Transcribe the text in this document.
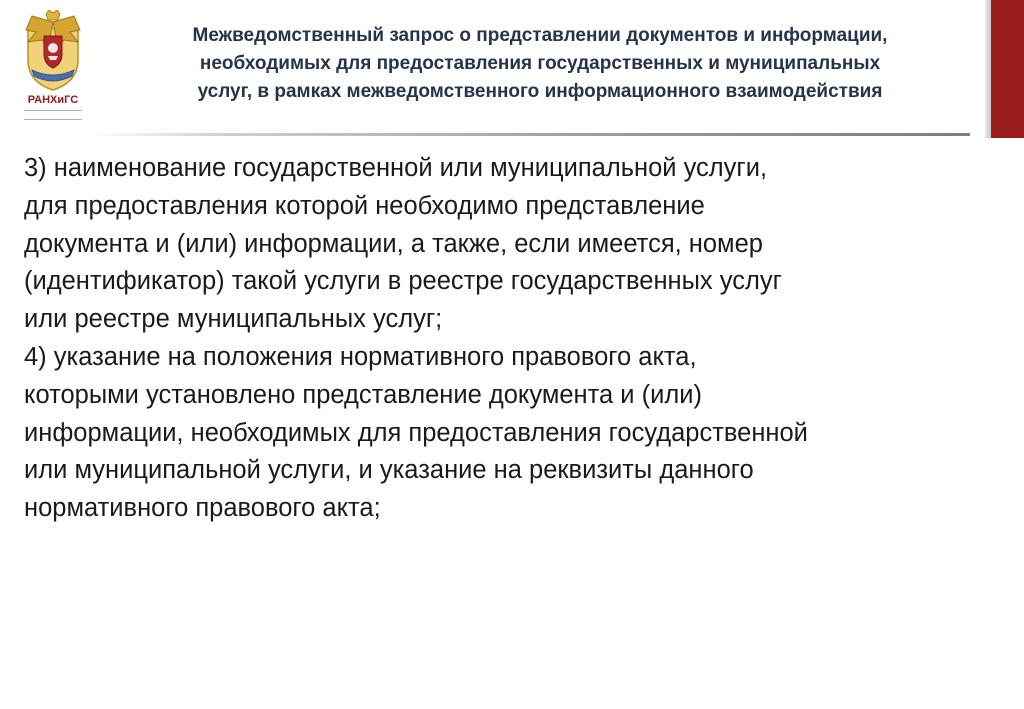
РАНХиГС
Межведомственный запрос о представлении документов и информации,
необходимых для предоставления государственных и муниципальных
услуг, в рамках межведомственного информационного взаимодействия
3) наименование государственной или муниципальной услуги,
для предоставления которой необходимо представление
документа и (или) информации, а также, если имеется, номер
(идентификатор) такой услуги в реестре государственных услуг
или реестре муниципальных услуг;
4) указание на положения нормативного правового акта,
которыми установлено представление документа и (или)
информации, необходимых для предоставления государственной
или муниципальной услуги, и указание на реквизиты данного
нормативного правового акта;
